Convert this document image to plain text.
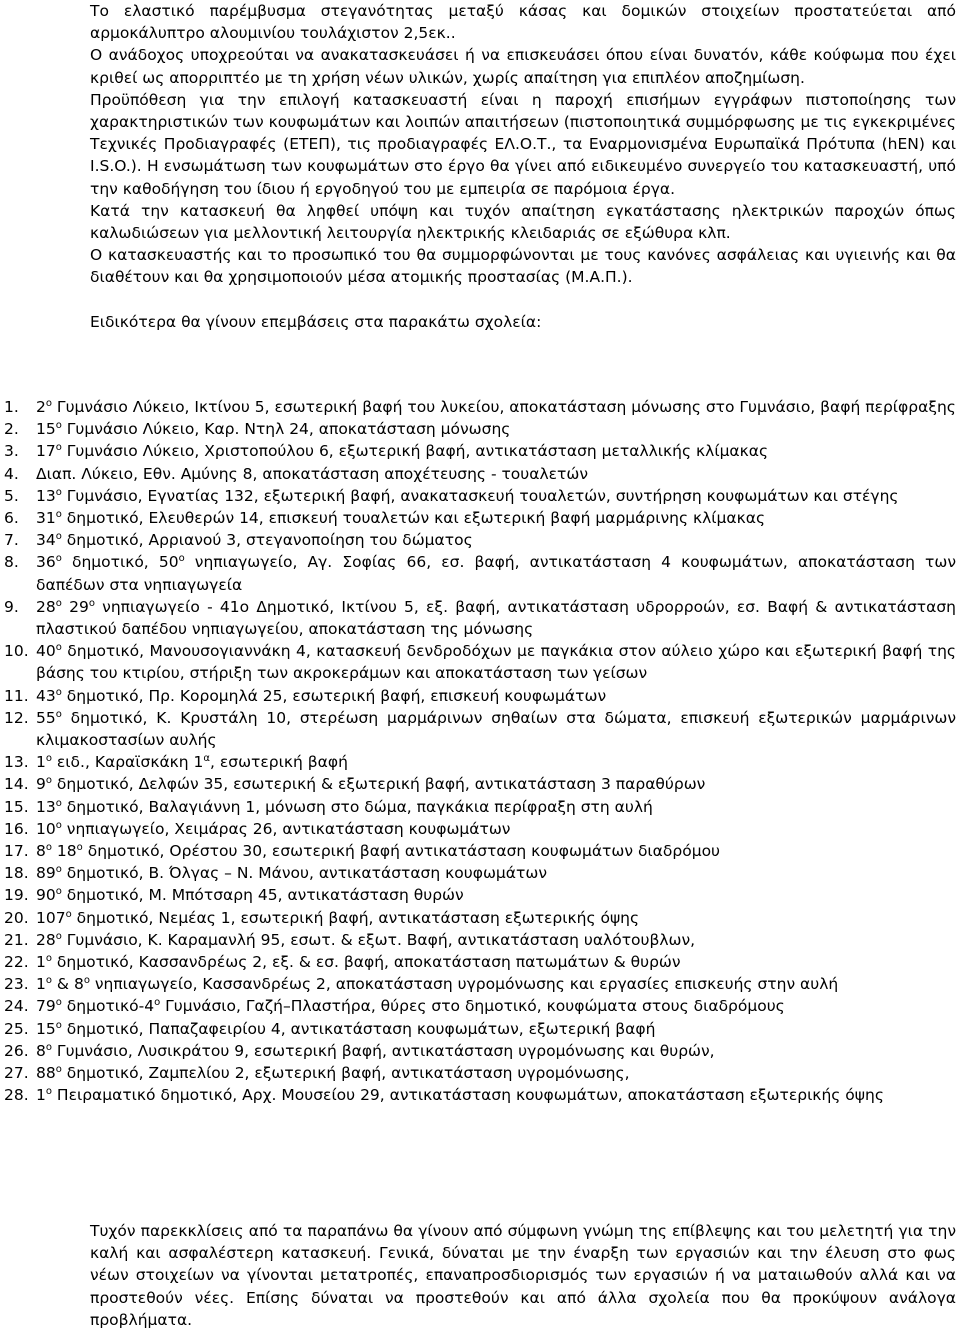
Το ελαστικό παρέμβυσμα στεγανότητας μεταξύ κάσας και δομικών στοιχείων προστατεύεται από αρμοκάλυπτρο αλουμινίου τουλάχιστον 2,5εκ..

Ο ανάδοχος υποχρεούται να ανακατασκευάσει ή να επισκευάσει όπου είναι δυνατόν, κάθε κούφωμα που έχει κριθεί ως απορριπτέο με τη χρήση νέων υλικών, χωρίς απαίτηση για επιπλέον αποζημίωση.

Προϋπόθεση για την επιλογή κατασκευαστή είναι η παροχή επισήμων εγγράφων πιστοποίησης των χαρακτηριστικών των κουφωμάτων και λοιπών απαιτήσεων (πιστοποιητικά συμμόρφωσης με τις εγκεκριμένες Τεχνικές Προδιαγραφές (ΕΤΕΠ), τις προδιαγραφές ΕΛ.Ο.Τ., τα Εναρμονισμένα Ευρωπαϊκά Πρότυπα (hEN) και I.S.O.). Η ενσωμάτωση των κουφωμάτων στο έργο θα γίνει από ειδικευμένο συνεργείο του κατασκευαστή, υπό την καθοδήγηση του ίδιου ή εργοδηγού του με εμπειρία σε παρόμοια έργα.

Κατά την κατασκευή θα ληφθεί υπόψη και τυχόν απαίτηση εγκατάστασης ηλεκτρικών παροχών όπως καλωδιώσεων για μελλοντική λειτουργία ηλεκτρικής κλειδαριάς σε εξώθυρα κλπ.

Ο κατασκευαστής και το προσωπικό του θα συμμορφώνονται με τους κανόνες ασφάλειας και υγιεινής και θα διαθέτουν και θα χρησιμοποιούν μέσα ατομικής προστασίας (Μ.Α.Π.).

Ειδικότερα θα γίνουν επεμβάσεις στα παρακάτω σχολεία:

1. $2^o$ Γυμνάσιο Λύκειο, Ικτίνου 5, εσωτερική βαφή του λυκείου, αποκατάσταση μόνωσης στο Γυμνάσιο, βαφή περίφραξης
2. $15^o$ Γυμνάσιο Λύκειο, Καρ. Ντηλ 24, αποκατάσταση μόνωσης
3. $17^o$ Γυμνάσιο Λύκειο, Χριστοπούλου 6, εξωτερική βαφή, αντικατάσταση μεταλλικής κλίμακας
4. Διαπ. Λύκειο, Εθν. Αμύνης 8, αποκατάσταση αποχέτευσης - τουαλετών
5. $13^o$ Γυμνάσιο, Εγνατίας 132, εξωτερική βαφή, ανακατασκευή τουαλετών, συντήρηση κουφωμάτων και στέγης
6. $31^o$ δημοτικό, Ελευθερών 14, επισκευή τουαλετών και εξωτερική βαφή μαρμάρινης κλίμακας
7. $34^o$ δημοτικό, Αρριανού 3, στεγανοποίηση του δώματος
8. $36^o$ δημοτικό, $50^o$ νηπιαγωγείο, Αγ. Σοφίας 66, εσ. βαφή, αντικατάσταση 4 κουφωμάτων, αποκατάσταση των δαπέδων στα νηπιαγωγεία
9. $28^o$ $29^o$ νηπιαγωγείο - 41ο Δημοτικό, Ικτίνου 5, εξ. βαφή, αντικατάσταση υδρορροών, εσ. Βαφή & αντικατάσταση πλαστικού δαπέδου νηπιαγωγείου, αποκατάσταση της μόνωσης
10. $40^o$ δημοτικό, Μανουσογιαννάκη 4, κατασκευή δενδροδόχων με παγκάκια στον αύλειο χώρο και εξωτερική βαφή της βάσης του κτιρίου, στήριξη των ακροκεράμων και αποκατάσταση των γείσων
11. $43^o$ δημοτικό, Πρ. Κορομηλά 25, εσωτερική βαφή, επισκευή κουφωμάτων
12. $55^o$ δημοτικό, Κ. Κρυστάλη 10, στερέωση μαρμάρινων σηθαίων στα δώματα, επισκευή εξωτερικών μαρμάρινων κλιμακοστασίων αυλής
13. $1^o$ ειδ., Καραϊσκάκη $1^\alpha$, εσωτερική βαφή
14. $9^o$ δημοτικό, Δελφών 35, εσωτερική & εξωτερική βαφή, αντικατάσταση 3 παραθύρων
15. $13^o$ δημοτικό, Βαλαγιάννη 1, μόνωση στο δώμα, παγκάκια περίφραξη στη αυλή
16. $10^o$ νηπιαγωγείο, Χειμάρας 26, αντικατάσταση κουφωμάτων
17. $8^o$ $18^o$ δημοτικό, Ορέστου 30, εσωτερική βαφή αντικατάσταση κουφωμάτων διαδρόμου
18. $89^o$ δημοτικό, Β. Όλγας – Ν. Μάνου, αντικατάσταση κουφωμάτων
19. $90^o$ δημοτικό, Μ. Μπότσαρη 45, αντικατάσταση θυρών
20. $107^o$ δημοτικό, Νεμέας 1, εσωτερική βαφή, αντικατάσταση εξωτερικής όψης
21. $28^o$ Γυμνάσιο, Κ. Καραμανλή 95, εσωτ. & εξωτ. Βαφή, αντικατάσταση υαλότουβλων,
22. $1^o$ δημοτικό, Κασσανδρέως 2, εξ. & εσ. βαφή, αποκατάσταση πατωμάτων & θυρών
23. $1^o$ & $8^o$ νηπιαγωγείο, Κασσανδρέως 2, αποκατάσταση υγρομόνωσης και εργασίες επισκευής στην αυλή
24. $79^o$ δημοτικό-$4^o$ Γυμνάσιο, Γαζή–Πλαστήρα, θύρες στο δημοτικό, κουφώματα στους διαδρόμους
25. $15^o$ δημοτικό, Παπαζαφειρίου 4, αντικατάσταση κουφωμάτων, εξωτερική βαφή
26. $8^o$ Γυμνάσιο, Λυσικράτου 9, εσωτερική βαφή, αντικατάσταση υγρομόνωσης και θυρών,
27. $88^o$ δημοτικό, Ζαμπελίου 2, εξωτερική βαφή, αντικατάσταση υγρομόνωσης,
28. $1^o$ Πειραματικό δημοτικό, Αρχ. Μουσείου 29, αντικατάσταση κουφωμάτων, αποκατάσταση εξωτερικής όψης

Τυχόν παρεκκλίσεις από τα παραπάνω θα γίνουν από σύμφωνη γνώμη της επίβλεψης και του μελετητή για την καλή και ασφαλέστερη κατασκευή. Γενικά, δύναται με την έναρξη των εργασιών και την έλευση στο φως νέων στοιχείων να γίνονται μετατροπές, επαναπροσδιορισμός των εργασιών ή να ματαιωθούν αλλά και να προστεθούν νέες. Επίσης δύναται να προστεθούν και από άλλα σχολεία που θα προκύψουν ανάλογα προβλήματα.
